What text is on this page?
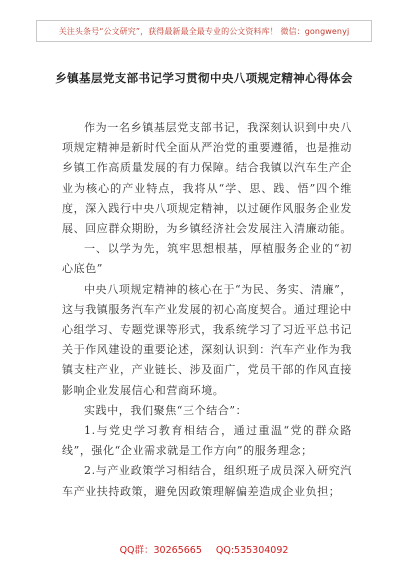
关注头条号“公文研究”，获得最新最全最专业的公文资料库！ 微信：gongwenyj
乡镇基层党支部书记学习贯彻中央八项规定精神心得体会

作为一名乡镇基层党支部书记，我深刻认识到中央八项规定精神是新时代全面从严治党的重要遵循，也是推动乡镇工作高质量发展的有力保障。结合我镇以汽车生产企业为核心的产业特点，我将从“学、思、践、悟”四个维度，深入践行中央八项规定精神，以过硬作风服务企业发展、回应群众期盼，为乡镇经济社会发展注入清廉动能。

一、以学为先，筑牢思想根基，厚植服务企业的“初心底色”

中央八项规定精神的核心在于“为民、务实、清廉”，这与我镇服务汽车产业发展的初心高度契合。通过理论中心组学习、专题党课等形式，我系统学习了习近平总书记关于作风建设的重要论述，深刻认识到：汽车产业作为我镇支柱产业，产业链长、涉及面广，党员干部的作风直接影响企业发展信心和营商环境。

实践中，我们聚焦“三个结合”：

1.与党史学习教育相结合，通过重温“党的群众路线”，强化“企业需求就是工作方向”的服务理念；

2.与产业政策学习相结合，组织班子成员深入研究汽车产业扶持政策，避免因政策理解偏差造成企业负担；

QQ群：30265665 QQ:535304092
